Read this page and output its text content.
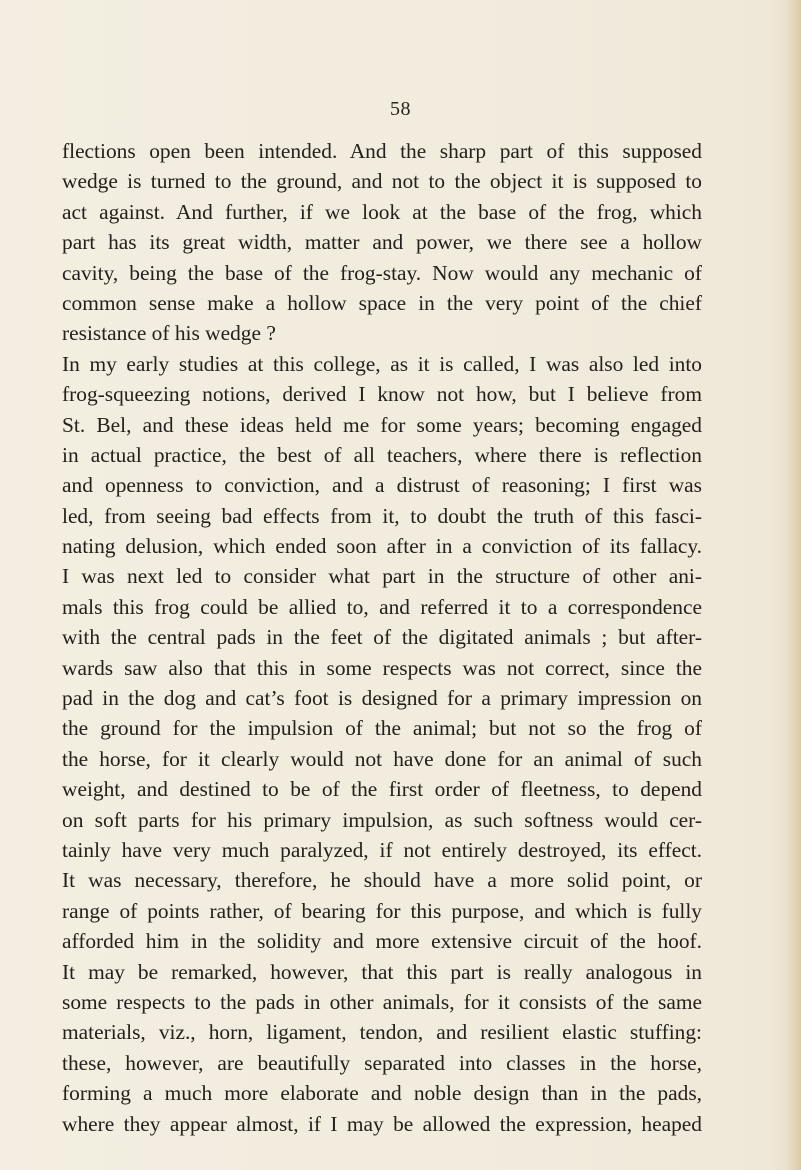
58
flections open been intended. And the sharp part of this supposed
wedge is turned to the ground, and not to the object it is supposed to
act against. And further, if we look at the base of the frog, which
part has its great width, matter and power, we there see a hollow
cavity, being the base of the frog-stay. Now would any mechanic of
common sense make a hollow space in the very point of the chief
resistance of his wedge ?
In my early studies at this college, as it is called, I was also led into
frog-squeezing notions, derived I know not how, but I believe from
St. Bel, and these ideas held me for some years; becoming engaged
in actual practice, the best of all teachers, where there is reflection
and openness to conviction, and a distrust of reasoning; I first was
led, from seeing bad effects from it, to doubt the truth of this fasci-
nating delusion, which ended soon after in a conviction of its fallacy.
I was next led to consider what part in the structure of other ani-
mals this frog could be allied to, and referred it to a correspondence
with the central pads in the feet of the digitated animals ; but after-
wards saw also that this in some respects was not correct, since the
pad in the dog and cat’s foot is designed for a primary impression on
the ground for the impulsion of the animal; but not so the frog of
the horse, for it clearly would not have done for an animal of such
weight, and destined to be of the first order of fleetness, to depend
on soft parts for his primary impulsion, as such softness would cer-
tainly have very much paralyzed, if not entirely destroyed, its effect.
It was necessary, therefore, he should have a more solid point, or
range of points rather, of bearing for this purpose, and which is fully
afforded him in the solidity and more extensive circuit of the hoof.
It may be remarked, however, that this part is really analogous in
some respects to the pads in other animals, for it consists of the same
materials, viz., horn, ligament, tendon, and resilient elastic stuffing:
these, however, are beautifully separated into classes in the horse,
forming a much more elaborate and noble design than in the pads,
where they appear almost, if I may be allowed the expression, heaped
